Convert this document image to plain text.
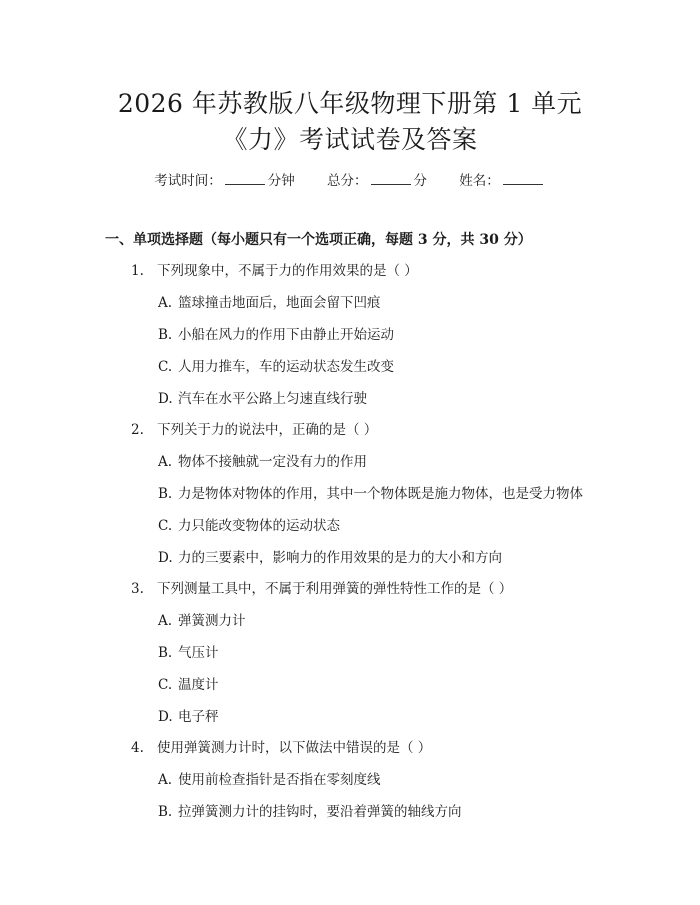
2026 年苏教版八年级物理下册第 1 单元
《力》考试试卷及答案
考试时间：	分钟 总分：	分 姓名：
一、单项选择题（每小题只有一个选项正确，每题 3 分，共 30 分）
1. 下列现象中，不属于力的作用效果的是（ ）
A. 篮球撞击地面后，地面会留下凹痕
B. 小船在风力的作用下由静止开始运动
C. 人用力推车，车的运动状态发生改变
D. 汽车在水平公路上匀速直线行驶
2. 下列关于力的说法中，正确的是（ ）
A. 物体不接触就一定没有力的作用
B. 力是物体对物体的作用，其中一个物体既是施力物体，也是受力物体
C. 力只能改变物体的运动状态
D. 力的三要素中，影响力的作用效果的是力的大小和方向
3. 下列测量工具中，不属于利用弹簧的弹性特性工作的是（ ）
A. 弹簧测力计
B. 气压计
C. 温度计
D. 电子秤
4. 使用弹簧测力计时，以下做法中错误的是（ ）
A. 使用前检查指针是否指在零刻度线
B. 拉弹簧测力计的挂钩时，要沿着弹簧的轴线方向
